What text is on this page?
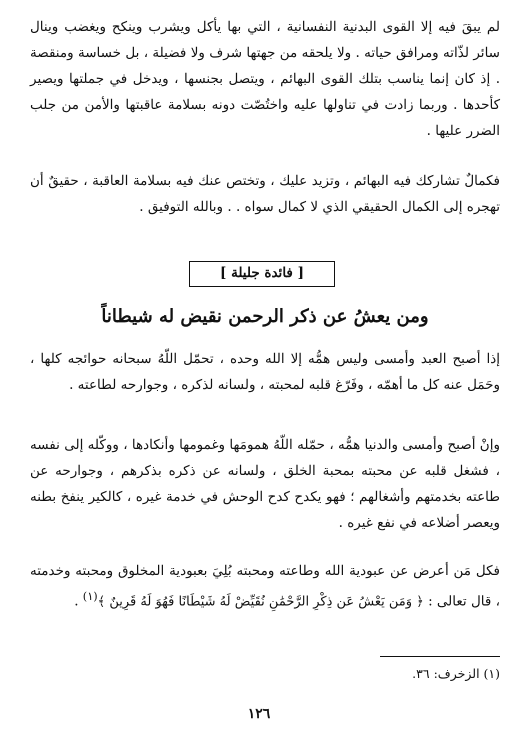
لم يبقَ فيه إلا القوى البدنية النفسانية ، التي بها يأكل ويشرب وينكح ويغضب وينال سائر لذّاته ومرافق حياته . ولا يلحقه من جهتها شرف ولا فضيلة ، بل خساسة ومنقصة . إذ كان إنما يناسب بتلك القوى البهائم ، ويتصل بجنسها ، ويدخل في جملتها ويصير كأحدها . وربما زادت في تناولها عليه واختُصّت دونه بسلامة عاقبتها والأمن من جلب الضرر عليها .

فكمالٌ تشاركك فيه البهائم ، وتزيد عليك ، وتختص عنك فيه بسلامة العاقبة ، حقيقٌ أن تهجره إلى الكمال الحقيقي الذي لا كمال سواه . . وبالله التوفيق .

[ فائدة جليلة ]
ومن يعشُ عن ذكر الرحمن نقيض له شيطاناً

إذا أصبح العبد وأمسى وليس همُّه إلا الله وحده ، تحمّل اللّهُ سبحانه حوائجه كلها ، وحَمَل عنه كل ما أهمّه ، وفَرّغ قلبه لمحبته ، ولسانه لذكره ، وجوارحه لطاعته .

وإنْ أصبح وأمسى والدنيا همُّه ، حمّله اللّهُ همومَها وغمومها وأنكادها ، ووكّله إلى نفسه ، فشغل قلبه عن محبته بمحبة الخلق ، ولسانه عن ذكره بذكرهم ، وجوارحه عن طاعته بخدمتهم وأشغالهم ؛ فهو يكدح كدح الوحش في خدمة غيره ، كالكير ينفخ بطنه ويعصر أضلاعه في نفع غيره .

فكل مَن أعرض عن عبودية الله وطاعته ومحبته بُلِيَ بعبودية المخلوق ومحبته وخدمته ، قال تعالى : ﴿ وَمَن يَعْشُ عَن ذِكْرِ الرَّحْمَٰنِ نُقَيِّضْ لَهُ شَيْطَانًا فَهُوَ لَهُ قَرِينٌ ﴾$^{(١)}$ .

(١) الزخرف: ٣٦.
١٢٦
